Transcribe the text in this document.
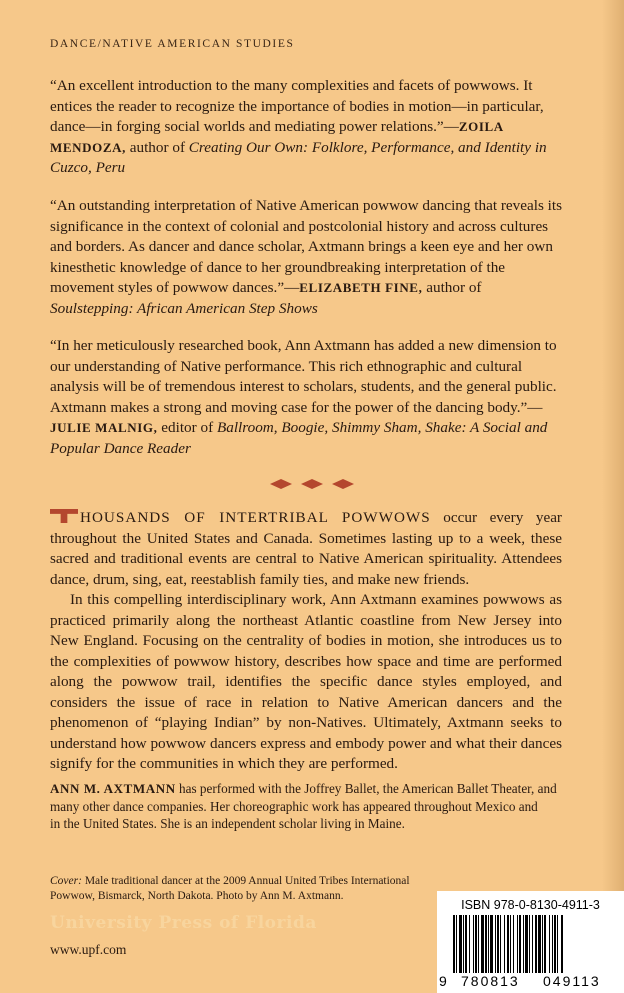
DANCE/NATIVE AMERICAN STUDIES
“An excellent introduction to the many complexities and facets of powwows. It entices the reader to recognize the importance of bodies in motion—in particular, dance—in forging social worlds and mediating power relations.”—ZOILA MENDOZA, author of Creating Our Own: Folklore, Performance, and Identity in Cuzco, Peru
“An outstanding interpretation of Native American powwow dancing that reveals its significance in the context of colonial and postcolonial history and across cultures and borders. As dancer and dance scholar, Axtmann brings a keen eye and her own kinesthetic knowledge of dance to her groundbreaking interpretation of the movement styles of powwow dances.”—ELIZABETH FINE, author of Soulstepping: African American Step Shows
“In her meticulously researched book, Ann Axtmann has added a new dimension to our understanding of Native performance. This rich ethnographic and cultural analysis will be of tremendous interest to scholars, students, and the general public. Axtmann makes a strong and moving case for the power of the dancing body.”—JULIE MALNIG, editor of Ballroom, Boogie, Shimmy Sham, Shake: A Social and Popular Dance Reader

HOUSANDS OF INTERTRIBAL POWWOWS occur every year throughout the United States and Canada. Sometimes lasting up to a week, these sacred and traditional events are central to Native American spirituality. Attendees dance, drum, sing, eat, reestablish family ties, and make new friends.

In this compelling interdisciplinary work, Ann Axtmann examines powwows as practiced primarily along the northeast Atlantic coastline from New Jersey into New England. Focusing on the centrality of bodies in motion, she introduces us to the complexities of powwow history, describes how space and time are performed along the powwow trail, identifies the specific dance styles employed, and considers the issue of race in relation to Native American dancers and the phenomenon of “playing Indian” by non-Natives. Ultimately, Axtmann seeks to understand how powwow dancers express and embody power and what their dances signify for the communities in which they are performed.

ANN M. AXTMANN has performed with the Joffrey Ballet, the American Ballet Theater, and many other dance companies. Her choreographic work has appeared throughout Mexico and

in the United States. She is an independent scholar living in Maine.

Cover: Male traditional dancer at the 2009 Annual United Tribes International Powwow, Bismarck, North Dakota. Photo by Ann M. Axtmann.
University Press of Florida
www.upf.com
ISBN 978-0-8130-4911-3
9 780813 049113
